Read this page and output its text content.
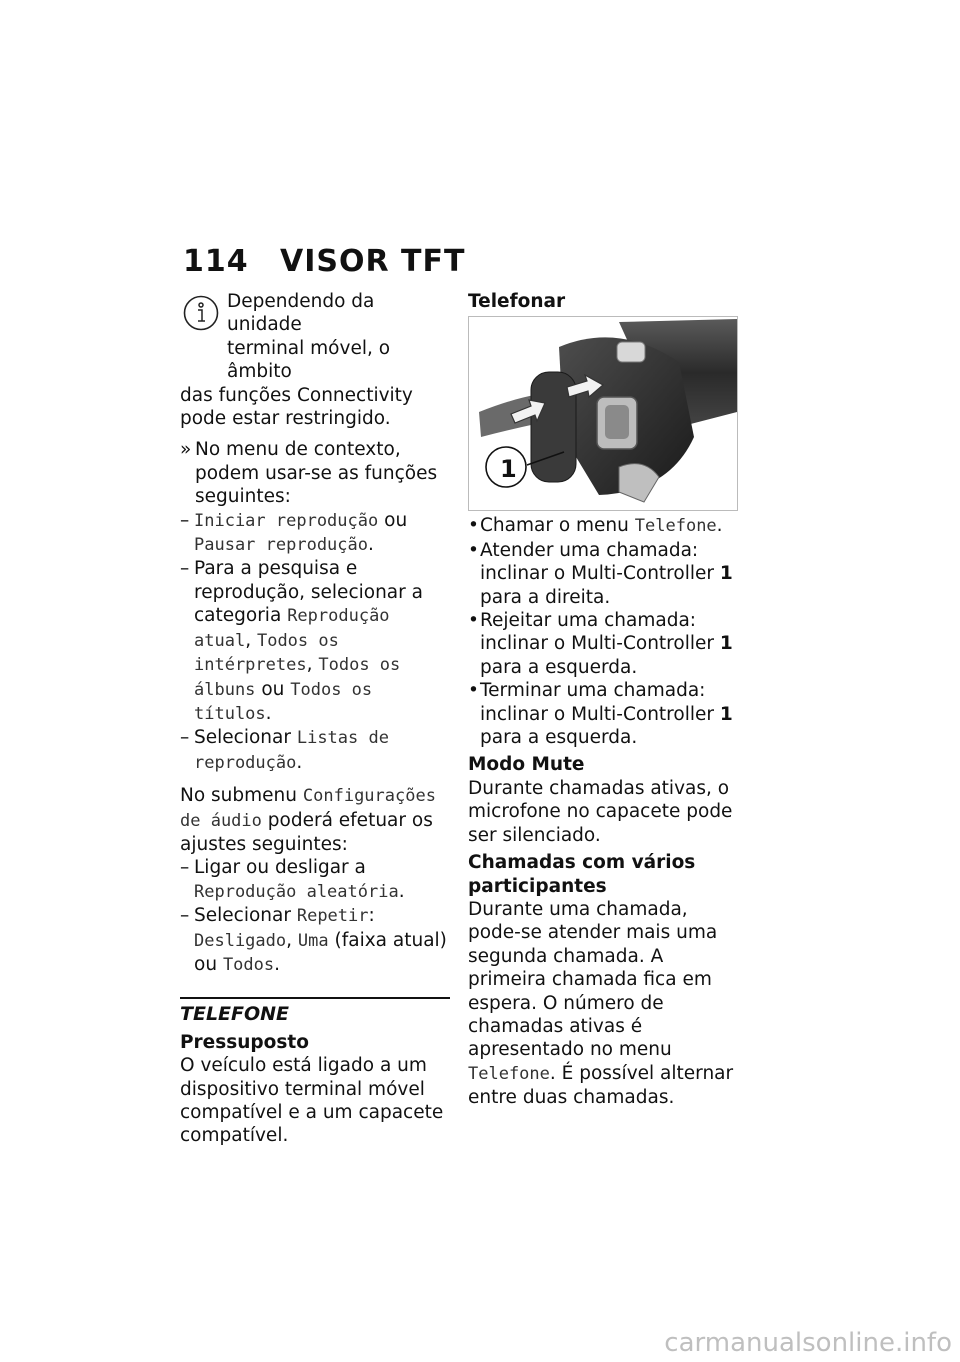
114 VISOR TFT
Dependendo da unidade
terminal móvel, o âmbito
das funções Connectivity pode estar restringido.
» No menu de contexto, podem usar-se as funções seguintes:
– Iniciar reprodução ou Pausar reprodução.
– Para a pesquisa e reprodução, selecionar a categoria Reprodução atual, Todos os intérpretes, Todos os álbuns ou Todos os títulos.
– Selecionar Listas de reprodução.

No submenu Configurações de áudio poderá efetuar os ajustes seguintes:

– Ligar ou desligar a Reprodução aleatória.
– Selecionar Repetir: Desligado, Uma (faixa atual) ou Todos.
TELEFONE
Pressuposto

O veículo está ligado a um dispositivo terminal móvel compatível e a um capacete compatível.

Telefonar
1
• Chamar o menu Telefone.
• Atender uma chamada: inclinar o Multi-Controller 1 para a direita.
• Rejeitar uma chamada: inclinar o Multi-Controller 1 para a esquerda.
• Terminar uma chamada: inclinar o Multi-Controller 1 para a esquerda.
Modo Mute

Durante chamadas ativas, o microfone no capacete pode ser silenciado.

Chamadas com vários participantes

Durante uma chamada, pode-se atender mais uma segunda chamada. A primeira chamada fica em espera. O número de chamadas ativas é apresentado no menu Telefone. É possível alternar entre duas chamadas.

carmanualsonline.info
